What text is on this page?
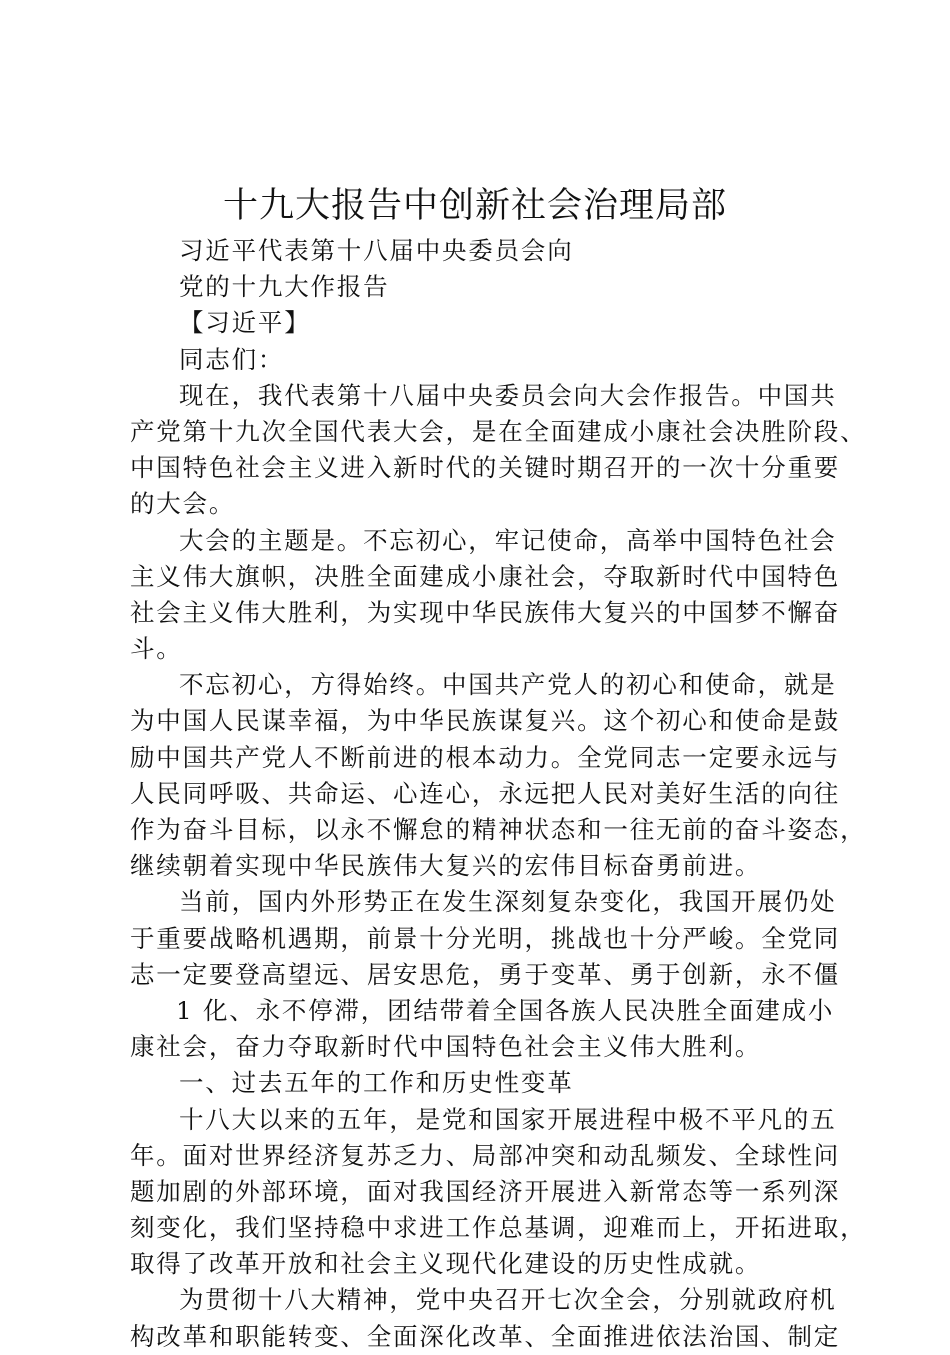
十九大报告中创新社会治理局部
习近平代表第十八届中央委员会向
党的十九大作报告
【习近平】
同志们：
现在，我代表第十八届中央委员会向大会作报告。中国共
产党第十九次全国代表大会，是在全面建成小康社会决胜阶段、
中国特色社会主义进入新时代的关键时期召开的一次十分重要
的大会。
大会的主题是。不忘初心，牢记使命，高举中国特色社会
主义伟大旗帜，决胜全面建成小康社会，夺取新时代中国特色
社会主义伟大胜利，为实现中华民族伟大复兴的中国梦不懈奋
斗。
不忘初心，方得始终。中国共产党人的初心和使命，就是
为中国人民谋幸福，为中华民族谋复兴。这个初心和使命是鼓
励中国共产党人不断前进的根本动力。全党同志一定要永远与
人民同呼吸、共命运、心连心，永远把人民对美好生活的向往
作为奋斗目标，以永不懈怠的精神状态和一往无前的奋斗姿态，
继续朝着实现中华民族伟大复兴的宏伟目标奋勇前进。
当前，国内外形势正在发生深刻复杂变化，我国开展仍处
于重要战略机遇期，前景十分光明，挑战也十分严峻。全党同
志一定要登高望远、居安思危，勇于变革、勇于创新，永不僵
1 化、永不停滞，团结带着全国各族人民决胜全面建成小
康社会，奋力夺取新时代中国特色社会主义伟大胜利。
一、过去五年的工作和历史性变革
十八大以来的五年，是党和国家开展进程中极不平凡的五
年。面对世界经济复苏乏力、局部冲突和动乱频发、全球性问
题加剧的外部环境，面对我国经济开展进入新常态等一系列深
刻变化，我们坚持稳中求进工作总基调，迎难而上，开拓进取，
取得了改革开放和社会主义现代化建设的历史性成就。
为贯彻十八大精神，党中央召开七次全会，分别就政府机
构改革和职能转变、全面深化改革、全面推进依法治国、制定
